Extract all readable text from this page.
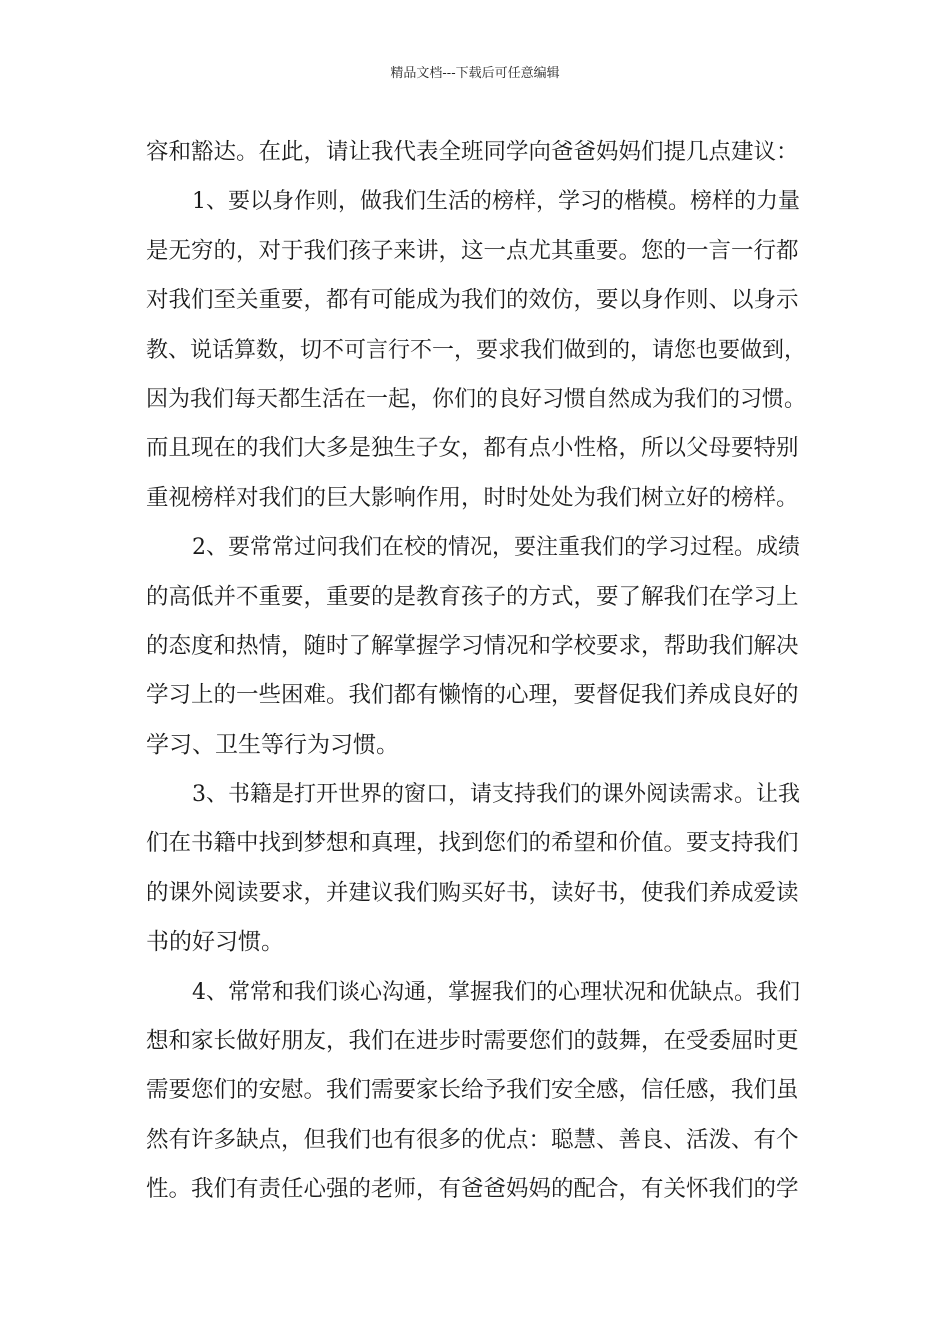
精品文档---下载后可任意编辑
容和豁达。在此，请让我代表全班同学向爸爸妈妈们提几点建议：
1、要以身作则，做我们生活的榜样，学习的楷模。榜样的力量
是无穷的，对于我们孩子来讲，这一点尤其重要。您的一言一行都
对我们至关重要，都有可能成为我们的效仿，要以身作则、以身示
教、说话算数，切不可言行不一，要求我们做到的，请您也要做到，
因为我们每天都生活在一起，你们的良好习惯自然成为我们的习惯。
而且现在的我们大多是独生子女，都有点小性格，所以父母要特别
重视榜样对我们的巨大影响作用，时时处处为我们树立好的榜样。
2、要常常过问我们在校的情况，要注重我们的学习过程。成绩
的高低并不重要，重要的是教育孩子的方式，要了解我们在学习上
的态度和热情，随时了解掌握学习情况和学校要求，帮助我们解决
学习上的一些困难。我们都有懒惰的心理，要督促我们养成良好的
学习、卫生等行为习惯。
3、书籍是打开世界的窗口，请支持我们的课外阅读需求。让我
们在书籍中找到梦想和真理，找到您们的希望和价值。要支持我们
的课外阅读要求，并建议我们购买好书，读好书，使我们养成爱读
书的好习惯。
4、常常和我们谈心沟通，掌握我们的心理状况和优缺点。我们
想和家长做好朋友，我们在进步时需要您们的鼓舞，在受委屈时更
需要您们的安慰。我们需要家长给予我们安全感，信任感，我们虽
然有许多缺点，但我们也有很多的优点：聪慧、善良、活泼、有个
性。我们有责任心强的老师，有爸爸妈妈的配合，有关怀我们的学
